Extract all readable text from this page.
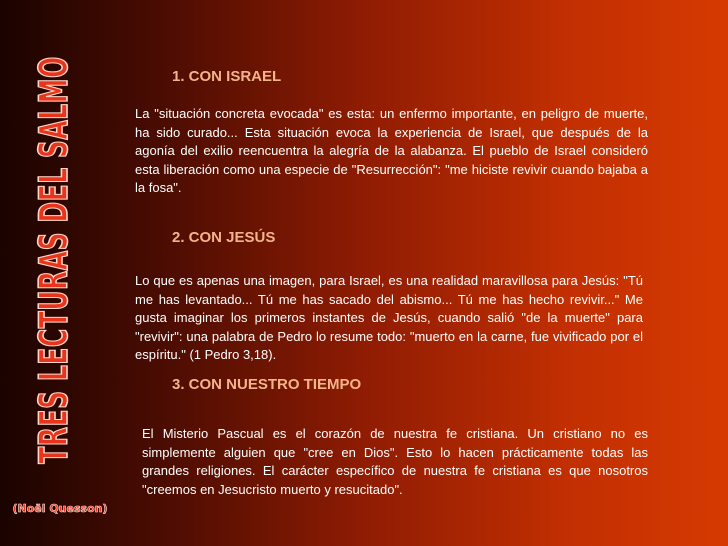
TRES LECTURAS DEL SALMO
(Noël Quesson)
1. CON ISRAEL

La "situación concreta evocada" es esta: un enfermo importante, en peligro de muerte, ha sido curado... Esta situación evoca la experiencia de Israel, que después de la agonía del exilio reencuentra la alegría de la alabanza. El pueblo de Israel consideró esta liberación como una especie de "Resurrección": "me hiciste revivir cuando bajaba a la fosa".

2. CON JESÚS

Lo que es apenas una imagen, para Israel, es una realidad maravillosa para Jesús: "Tú me has levantado... Tú me has sacado del abismo... Tú me has hecho revivir..." Me gusta imaginar los primeros instantes de Jesús, cuando salió "de la muerte" para "revivir": una palabra de Pedro lo resume todo: "muerto en la carne, fue vivificado por el espíritu." (1 Pedro 3,18).

3. CON NUESTRO TIEMPO

El Misterio Pascual es el corazón de nuestra fe cristiana. Un cristiano no es simplemente alguien que "cree en Dios". Esto lo hacen prácticamente todas las grandes religiones. El carácter específico de nuestra fe cristiana es que nosotros "creemos en Jesucristo muerto y resucitado".
